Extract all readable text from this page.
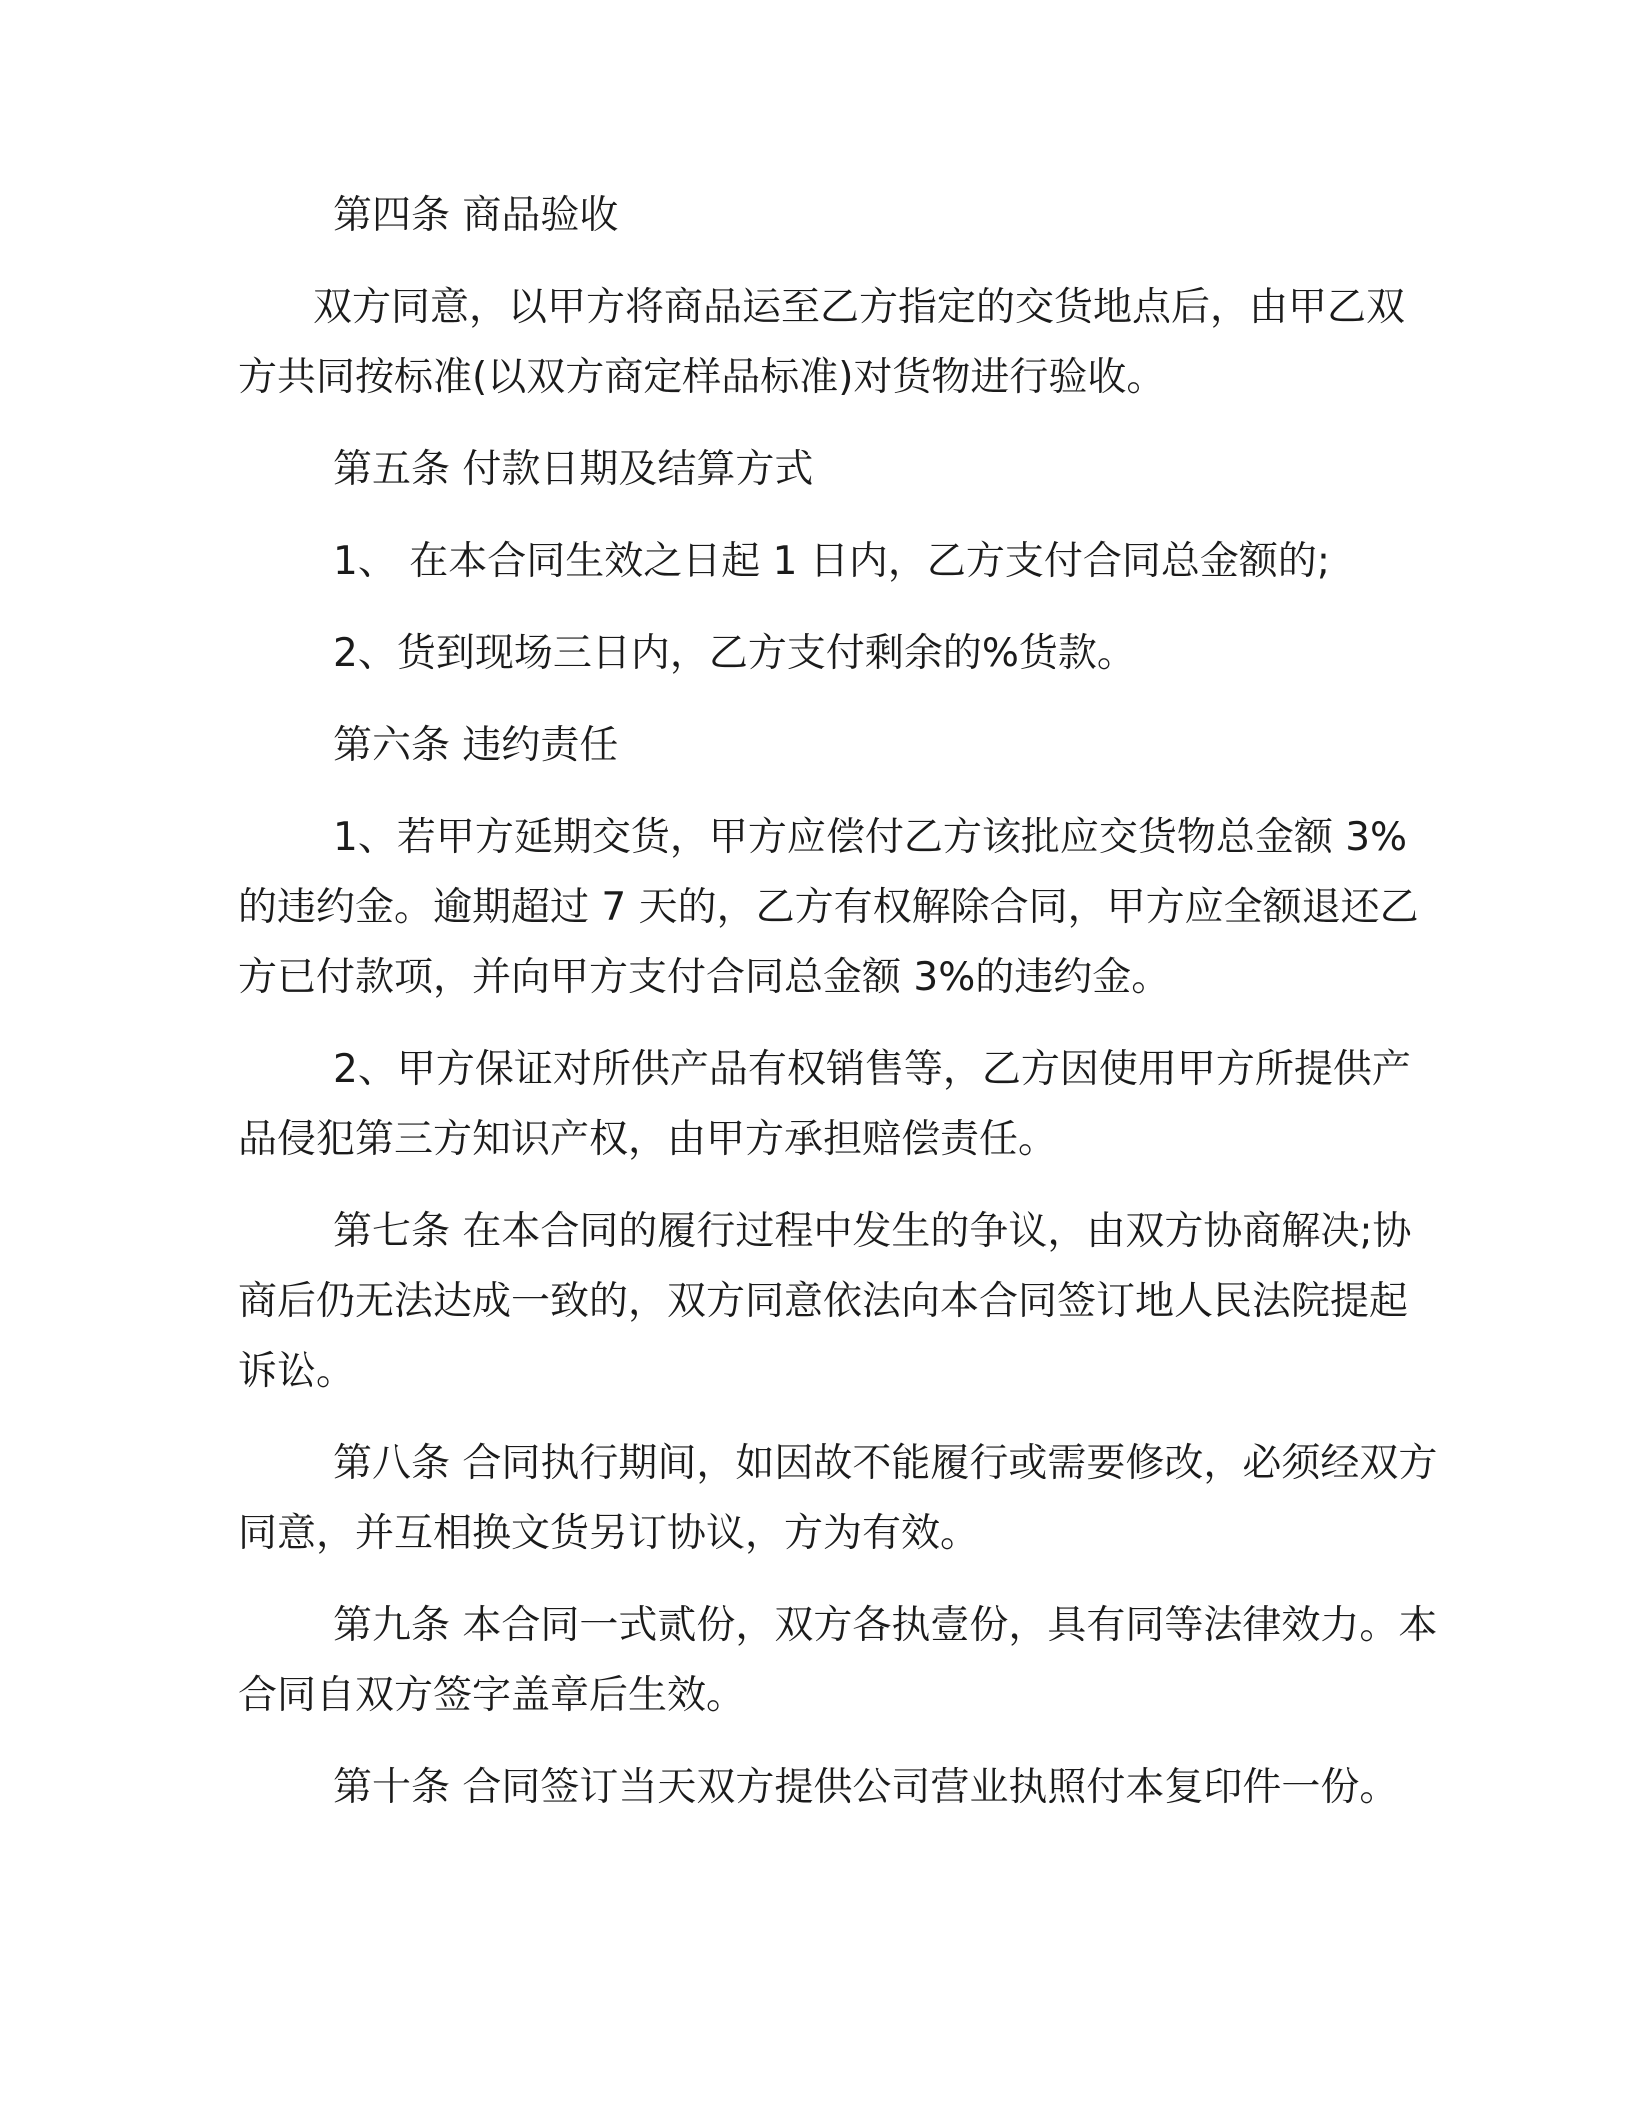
第四条 商品验收

双方同意，以甲方将商品运至乙方指定的交货地点后，由甲乙双

方共同按标准(以双方商定样品标准)对货物进行验收。

第五条 付款日期及结算方式

1、 在本合同生效之日起 1 日内，乙方支付合同总金额的;

2、货到现场三日内，乙方支付剩余的%货款。

第六条 违约责任

1、若甲方延期交货，甲方应偿付乙方该批应交货物总金额 3%

的违约金。逾期超过 7 天的，乙方有权解除合同，甲方应全额退还乙

方已付款项，并向甲方支付合同总金额 3%的违约金。

2、甲方保证对所供产品有权销售等，乙方因使用甲方所提供产

品侵犯第三方知识产权，由甲方承担赔偿责任。

第七条 在本合同的履行过程中发生的争议，由双方协商解决;协

商后仍无法达成一致的，双方同意依法向本合同签订地人民法院提起

诉讼。

第八条 合同执行期间，如因故不能履行或需要修改，必须经双方

同意，并互相换文货另订协议，方为有效。

第九条 本合同一式贰份，双方各执壹份，具有同等法律效力。本

合同自双方签字盖章后生效。

第十条 合同签订当天双方提供公司营业执照付本复印件一份。
